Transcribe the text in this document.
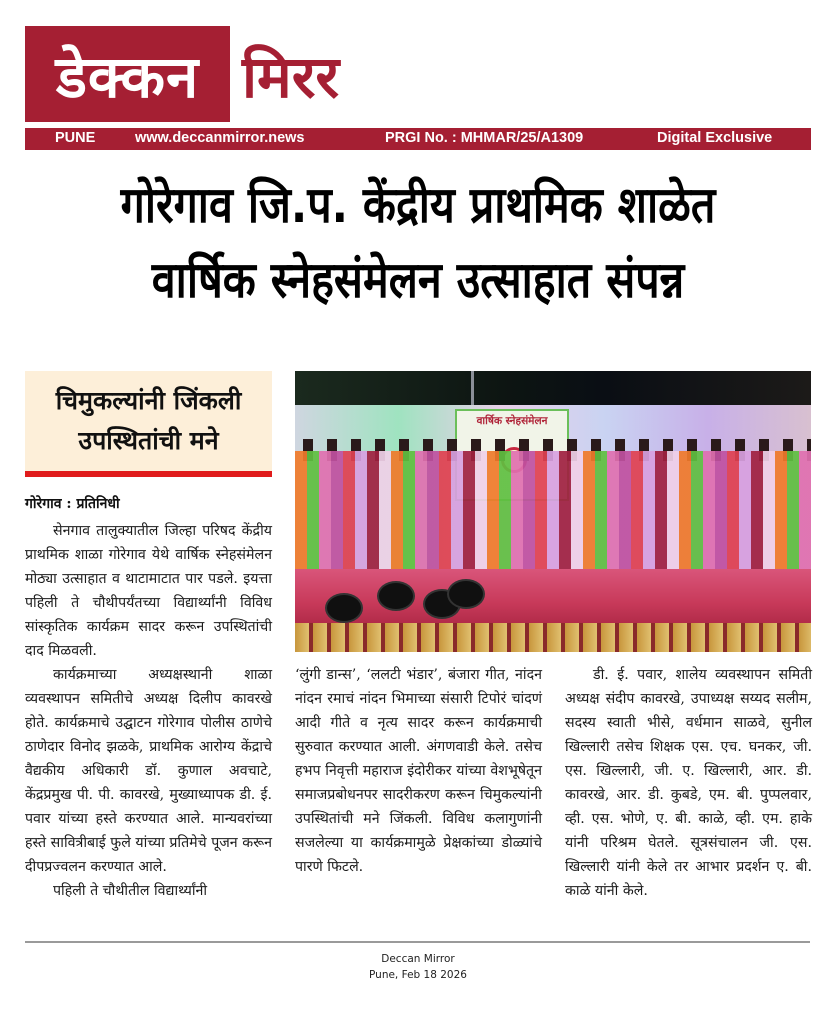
डेक्कन मिरर
PUNE	www.deccanmirror.news	PRGI No. : MHMAR/25/A1309	Digital Exclusive
गोरेगाव जि.प. केंद्रीय प्राथमिक शाळेत
वार्षिक स्नेहसंमेलन उत्साहात संपन्न
चिमुकल्यांनी जिंकली
उपस्थितांची मने
गोरेगाव : प्रतिनिधी
वार्षिक स्नेहसंमेलन

सेनगाव तालुक्यातील जिल्हा परिषद केंद्रीय प्राथमिक शाळा गोरेगाव येथे वार्षिक स्नेहसंमेलन मोठ्या उत्साहात व थाटामाटात पार पडले. इयत्ता पहिली ते चौथीपर्यंतच्या विद्यार्थ्यांनी विविध सांस्कृतिक कार्यक्रम सादर करून उपस्थितांची दाद मिळवली.

कार्यक्रमाच्या अध्यक्षस्थानी शाळा व्यवस्थापन समितीचे अध्यक्ष दिलीप कावरखे होते. कार्यक्रमाचे उद्घाटन गोरेगाव पोलीस ठाणेचे ठाणेदार विनोद झळके, प्राथमिक आरोग्य केंद्राचे वैद्यकीय अधिकारी डॉ. कुणाल अवचाटे, केंद्रप्रमुख पी. पी. कावरखे, मुख्याध्यापक डी. ई. पवार यांच्या हस्ते करण्यात आले. मान्यवरांच्या हस्ते सावित्रीबाई फुले यांच्या प्रतिमेचे पूजन करून दीपप्रज्वलन करण्यात आले.

पहिली ते चौथीतील विद्यार्थ्यांनी

‘लुंगी डान्स’, ‘ललटी भंडार’, बंजारा गीत, नांदन नांदन रमाचं नांदन भिमाच्या संसारी टिपोरं चांदणं आदी गीते व नृत्य सादर करून कार्यक्रमाची सुरुवात करण्यात आली. अंगणवाडी केले. तसेच हभप निवृत्ती महाराज इंदोरीकर यांच्या वेशभूषेतून समाजप्रबोधनपर सादरीकरण करून चिमुकल्यांनी उपस्थितांची मने जिंकली. विविध कलागुणांनी सजलेल्या या कार्यक्रमामुळे प्रेक्षकांच्या डोळ्यांचे पारणे फिटले.

डी. ई. पवार, शालेय व्यवस्थापन समिती अध्यक्ष संदीप कावरखे, उपाध्यक्ष सय्यद सलीम, सदस्य स्वाती भीसे, वर्धमान साळवे, सुनील खिल्लारी तसेच शिक्षक एस. एच. घनकर, जी. एस. खिल्लारी, जी. ए. खिल्लारी, आर. डी. कावरखे, आर. डी. कुबडे, एम. बी. पुप्पलवार, व्ही. एस. भोणे, ए. बी. काळे, व्ही. एम. हाके यांनी परिश्रम घेतले. सूत्रसंचालन जी. एस. खिल्लारी यांनी केले तर आभार प्रदर्शन ए. बी. काळे यांनी केले.

Deccan Mirror
Pune, Feb 18 2026
